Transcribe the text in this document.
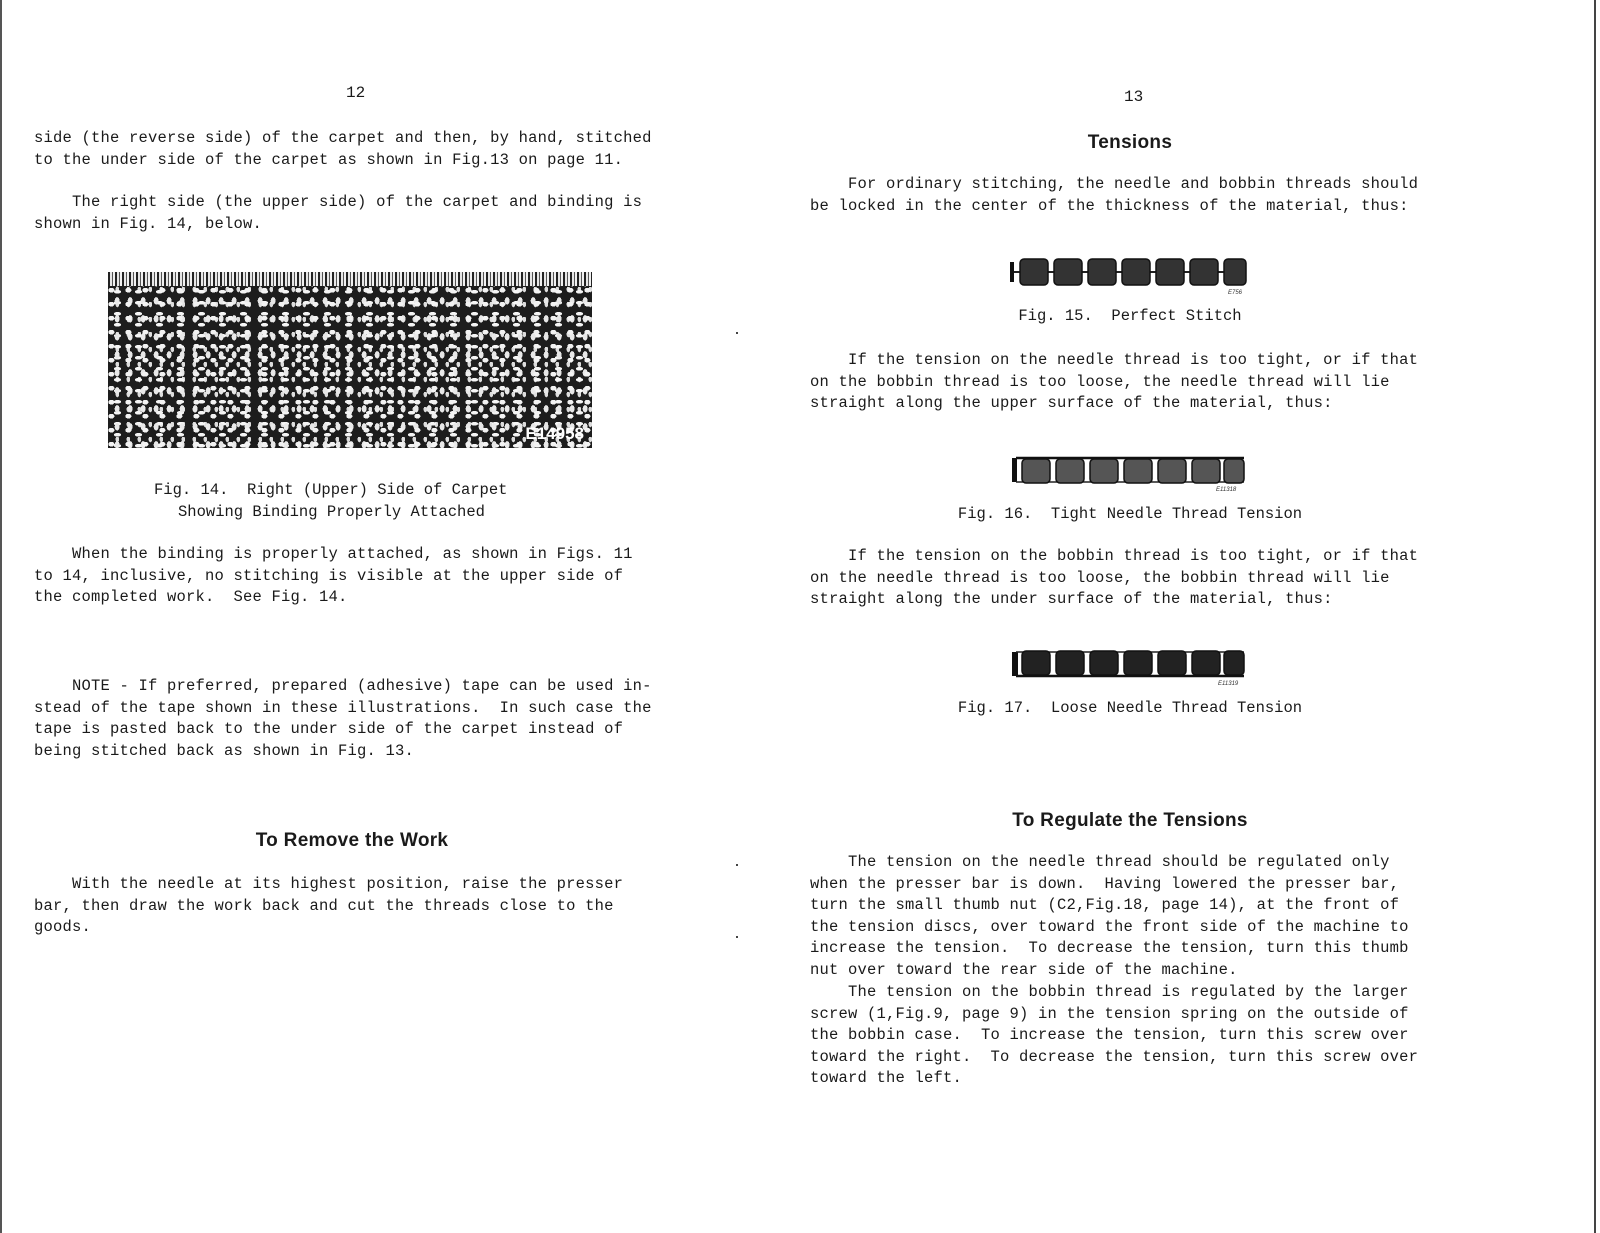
12

side (the reverse side) of the carpet and then, by hand, stitched
to the under side of the carpet as shown in Fig.13 on page 11.

The right side (the upper side) of the carpet and binding is
shown in Fig. 14, below.

E14958

Fig. 14.  Right (Upper) Side of Carpet

Showing Binding Properly Attached

When the binding is properly attached, as shown in Figs. 11
to 14, inclusive, no stitching is visible at the upper side of
the completed work.  See Fig. 14.

NOTE - If preferred, prepared (adhesive) tape can be used in-
stead of the tape shown in these illustrations.  In such case the
tape is pasted back to the under side of the carpet instead of
being stitched back as shown in Fig. 13.

To Remove the Work

With the needle at its highest position, raise the presser
bar, then draw the work back and cut the threads close to the
goods.

13
Tensions

For ordinary stitching, the needle and bobbin threads should
be locked in the center of the thickness of the material, thus:

E756

Fig. 15.  Perfect Stitch

If the tension on the needle thread is too tight, or if that
on the bobbin thread is too loose, the needle thread will lie
straight along the upper surface of the material, thus:

E11318

Fig. 16.  Tight Needle Thread Tension

If the tension on the bobbin thread is too tight, or if that
on the needle thread is too loose, the bobbin thread will lie
straight along the under surface of the material, thus:

E11319

Fig. 17.  Loose Needle Thread Tension

To Regulate the Tensions

The tension on the needle thread should be regulated only
when the presser bar is down.  Having lowered the presser bar,
turn the small thumb nut (C2,Fig.18, page 14), at the front of
the tension discs, over toward the front side of the machine to
increase the tension.  To decrease the tension, turn this thumb
nut over toward the rear side of the machine.

The tension on the bobbin thread is regulated by the larger
screw (1,Fig.9, page 9) in the tension spring on the outside of
the bobbin case.  To increase the tension, turn this screw over
toward the right.  To decrease the tension, turn this screw over
toward the left.
